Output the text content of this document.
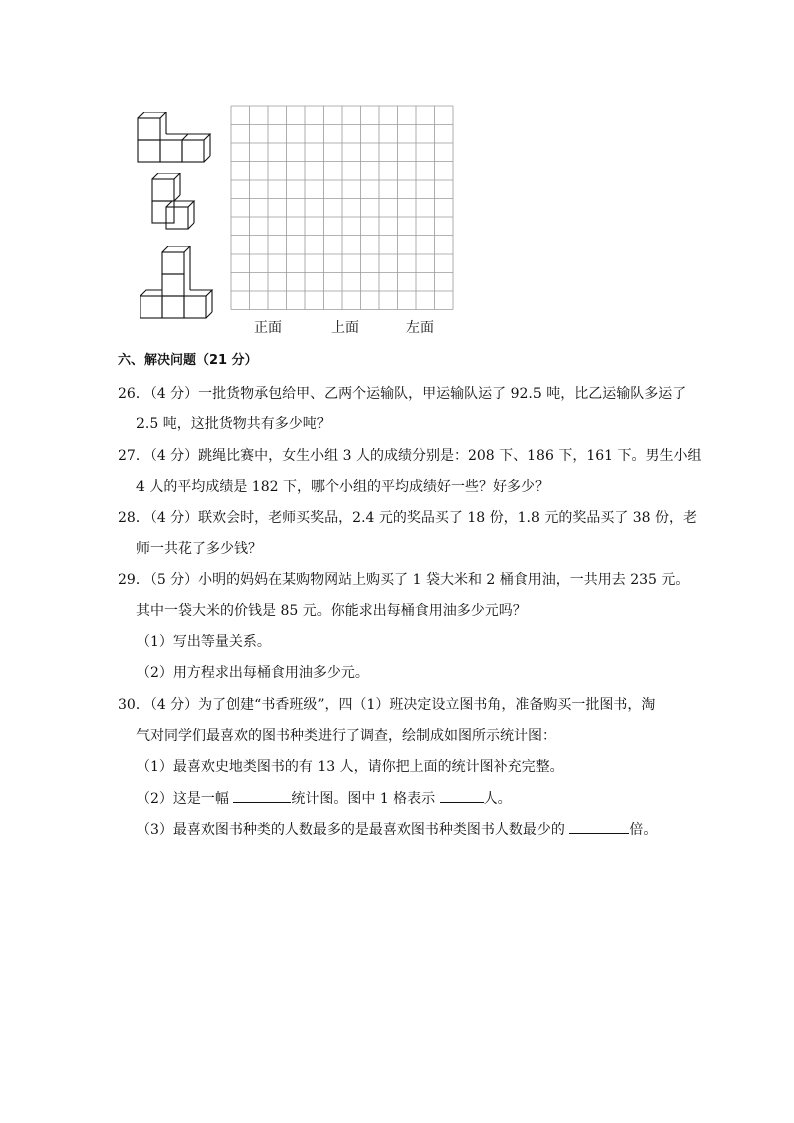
正面	上面	左面
六、解决问题（21 分）
26．（4 分）一批货物承包给甲、乙两个运输队，甲运输队运了 92.5 吨，比乙运输队多运了
2.5 吨，这批货物共有多少吨？
27．（4 分）跳绳比赛中，女生小组 3 人的成绩分别是：208 下、186 下，161 下。男生小组
4 人的平均成绩是 182 下，哪个小组的平均成绩好一些？好多少？
28．（4 分）联欢会时，老师买奖品，2.4 元的奖品买了 18 份，1.8 元的奖品买了 38 份，老
师一共花了多少钱？
29．（5 分）小明的妈妈在某购物网站上购买了 1 袋大米和 2 桶食用油，一共用去 235 元。
其中一袋大米的价钱是 85 元。你能求出每桶食用油多少元吗？
（1）写出等量关系。
（2）用方程求出每桶食用油多少元。
30．（4 分）为了创建“书香班级”，四（1）班决定设立图书角，准备购买一批图书，淘
气对同学们最喜欢的图书种类进行了调查，绘制成如图所示统计图：
（1）最喜欢史地类图书的有 13 人，请你把上面的统计图补充完整。
（2）这是一幅	统计图。图中 1 格表示	人。
（3）最喜欢图书种类的人数最多的是最喜欢图书种类图书人数最少的	倍。
